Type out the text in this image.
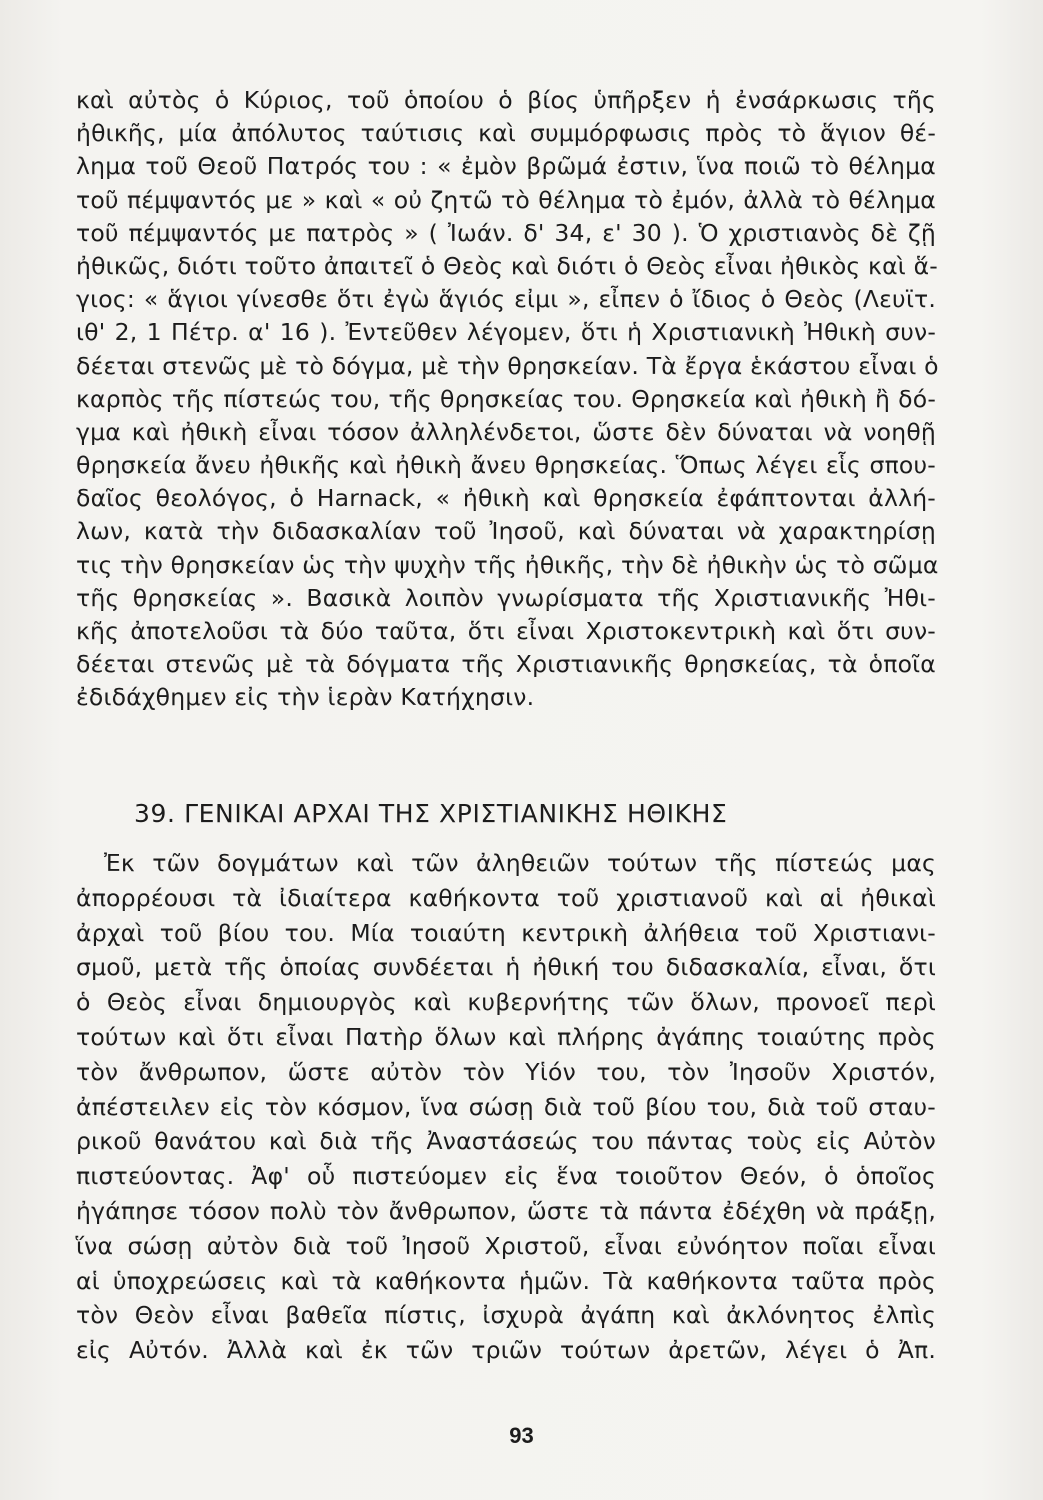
καὶ αὐτὸς ὁ Κύριος, τοῦ ὁποίου ὁ βίος ὑπῆρξεν ἡ ἐνσάρκωσις τῆς
ἠθικῆς, μία ἀπόλυτος ταύτισις καὶ συμμόρφωσις πρὸς τὸ ἅγιον θέ-
λημα τοῦ Θεοῦ Πατρός του : « ἐμὸν βρῶμά ἐστιν, ἵνα ποιῶ τὸ θέλημα
τοῦ πέμψαντός με » καὶ « οὐ ζητῶ τὸ θέλημα τὸ ἐμόν, ἀλλὰ τὸ θέλημα
τοῦ πέμψαντός με πατρὸς » ( Ἰωάν. δ' 34, ε' 30 ). Ὁ χριστιανὸς δὲ ζῇ
ἠθικῶς, διότι τοῦτο ἀπαιτεῖ ὁ Θεὸς καὶ διότι ὁ Θεὸς εἶναι ἠθικὸς καὶ ἅ-
γιος: « ἅγιοι γίνεσθε ὅτι ἐγὼ ἅγιός εἰμι », εἶπεν ὁ ἴδιος ὁ Θεὸς (Λευϊτ.
ιθ' 2, 1 Πέτρ. α' 16 ). Ἐντεῦθεν λέγομεν, ὅτι ἡ Χριστιανικὴ Ἠθικὴ συν-
δέεται στενῶς μὲ τὸ δόγμα, μὲ τὴν θρησκείαν. Τὰ ἔργα ἑκάστου εἶναι ὁ
καρπὸς τῆς πίστεώς του, τῆς θρησκείας του. Θρησκεία καὶ ἠθικὴ ἢ δό-
γμα καὶ ἠθικὴ εἶναι τόσον ἀλληλένδετοι, ὥστε δὲν δύναται νὰ νοηθῇ
θρησκεία ἄνευ ἠθικῆς καὶ ἠθικὴ ἄνευ θρησκείας. Ὅπως λέγει εἷς σπου-
δαῖος θεολόγος, ὁ Harnack, « ἠθικὴ καὶ θρησκεία ἐφάπτονται ἀλλή-
λων, κατὰ τὴν διδασκαλίαν τοῦ Ἰησοῦ, καὶ δύναται νὰ χαρακτηρίσῃ
τις τὴν θρησκείαν ὡς τὴν ψυχὴν τῆς ἠθικῆς, τὴν δὲ ἠθικὴν ὡς τὸ σῶμα
τῆς θρησκείας ». Βασικὰ λοιπὸν γνωρίσματα τῆς Χριστιανικῆς Ἠθι-
κῆς ἀποτελοῦσι τὰ δύο ταῦτα, ὅτι εἶναι Χριστοκεντρικὴ καὶ ὅτι συν-
δέεται στενῶς μὲ τὰ δόγματα τῆς Χριστιανικῆς θρησκείας, τὰ ὁποῖα
ἐδιδάχθημεν εἰς τὴν ἱερὰν Κατήχησιν.
39. ΓΕΝΙΚΑΙ ΑΡΧΑΙ ΤΗΣ ΧΡΙΣΤΙΑΝΙΚΗΣ ΗΘΙΚΗΣ
Ἐκ τῶν δογμάτων καὶ τῶν ἀληθειῶν τούτων τῆς πίστεώς μας
ἀπορρέουσι τὰ ἰδιαίτερα καθήκοντα τοῦ χριστιανοῦ καὶ αἱ ἠθικαὶ
ἀρχαὶ τοῦ βίου του. Μία τοιαύτη κεντρικὴ ἀλήθεια τοῦ Χριστιανι-
σμοῦ, μετὰ τῆς ὁποίας συνδέεται ἡ ἠθική του διδασκαλία, εἶναι, ὅτι
ὁ Θεὸς εἶναι δημιουργὸς καὶ κυβερνήτης τῶν ὅλων, προνοεῖ περὶ
τούτων καὶ ὅτι εἶναι Πατὴρ ὅλων καὶ πλήρης ἀγάπης τοιαύτης πρὸς
τὸν ἄνθρωπον, ὥστε αὐτὸν τὸν Υἱόν του, τὸν Ἰησοῦν Χριστόν,
ἀπέστειλεν εἰς τὸν κόσμον, ἵνα σώσῃ διὰ τοῦ βίου του, διὰ τοῦ σταυ-
ρικοῦ θανάτου καὶ διὰ τῆς Ἀναστάσεώς του πάντας τοὺς εἰς Αὐτὸν
πιστεύοντας. Ἀφ' οὗ πιστεύομεν εἰς ἕνα τοιοῦτον Θεόν, ὁ ὁποῖος
ἠγάπησε τόσον πολὺ τὸν ἄνθρωπον, ὥστε τὰ πάντα ἐδέχθη νὰ πράξῃ,
ἵνα σώσῃ αὐτὸν διὰ τοῦ Ἰησοῦ Χριστοῦ, εἶναι εὐνόητον ποῖαι εἶναι
αἱ ὑποχρεώσεις καὶ τὰ καθήκοντα ἡμῶν. Τὰ καθήκοντα ταῦτα πρὸς
τὸν Θεὸν εἶναι βαθεῖα πίστις, ἰσχυρὰ ἀγάπη καὶ ἀκλόνητος ἐλπὶς
εἰς Αὐτόν. Ἀλλὰ καὶ ἐκ τῶν τριῶν τούτων ἀρετῶν, λέγει ὁ Ἀπ.
93
